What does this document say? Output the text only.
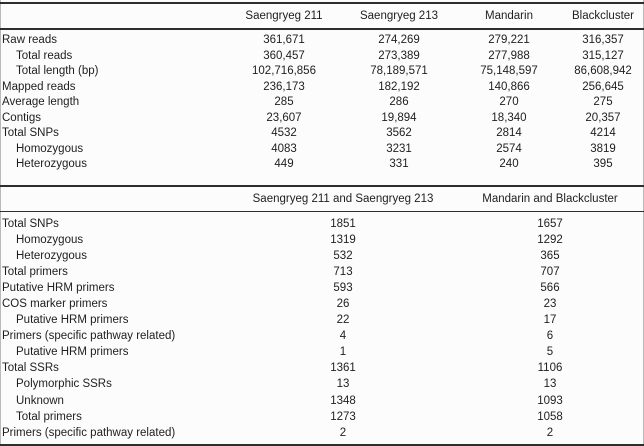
	Saengryeg 211	Saengryeg 213	Mandarin	Blackcluster
Raw reads	361,671	274,269	279,221	316,357
Total reads	360,457	273,389	277,988	315,127
Total length (bp)	102,716,856	78,189,571	75,148,597	86,608,942
Mapped reads	236,173	182,192	140,866	256,645
Average length	285	286	270	275
Contigs	23,607	19,894	18,340	20,357
Total SNPs	4532	3562	2814	4214
Homozygous	4083	3231	2574	3819
Heterozygous	449	331	240	395
	Saengryeg 211 and Saengryeg 213	Mandarin and Blackcluster
Total SNPs	1851	1657
Homozygous	1319	1292
Heterozygous	532	365
Total primers	713	707
Putative HRM primers	593	566
COS marker primers	26	23
Putative HRM primers	22	17
Primers (specific pathway related)	4	6
Putative HRM primers	1	5
Total SSRs	1361	1106
Polymorphic SSRs	13	13
Unknown	1348	1093
Total primers	1273	1058
Primers (specific pathway related)	2	2
